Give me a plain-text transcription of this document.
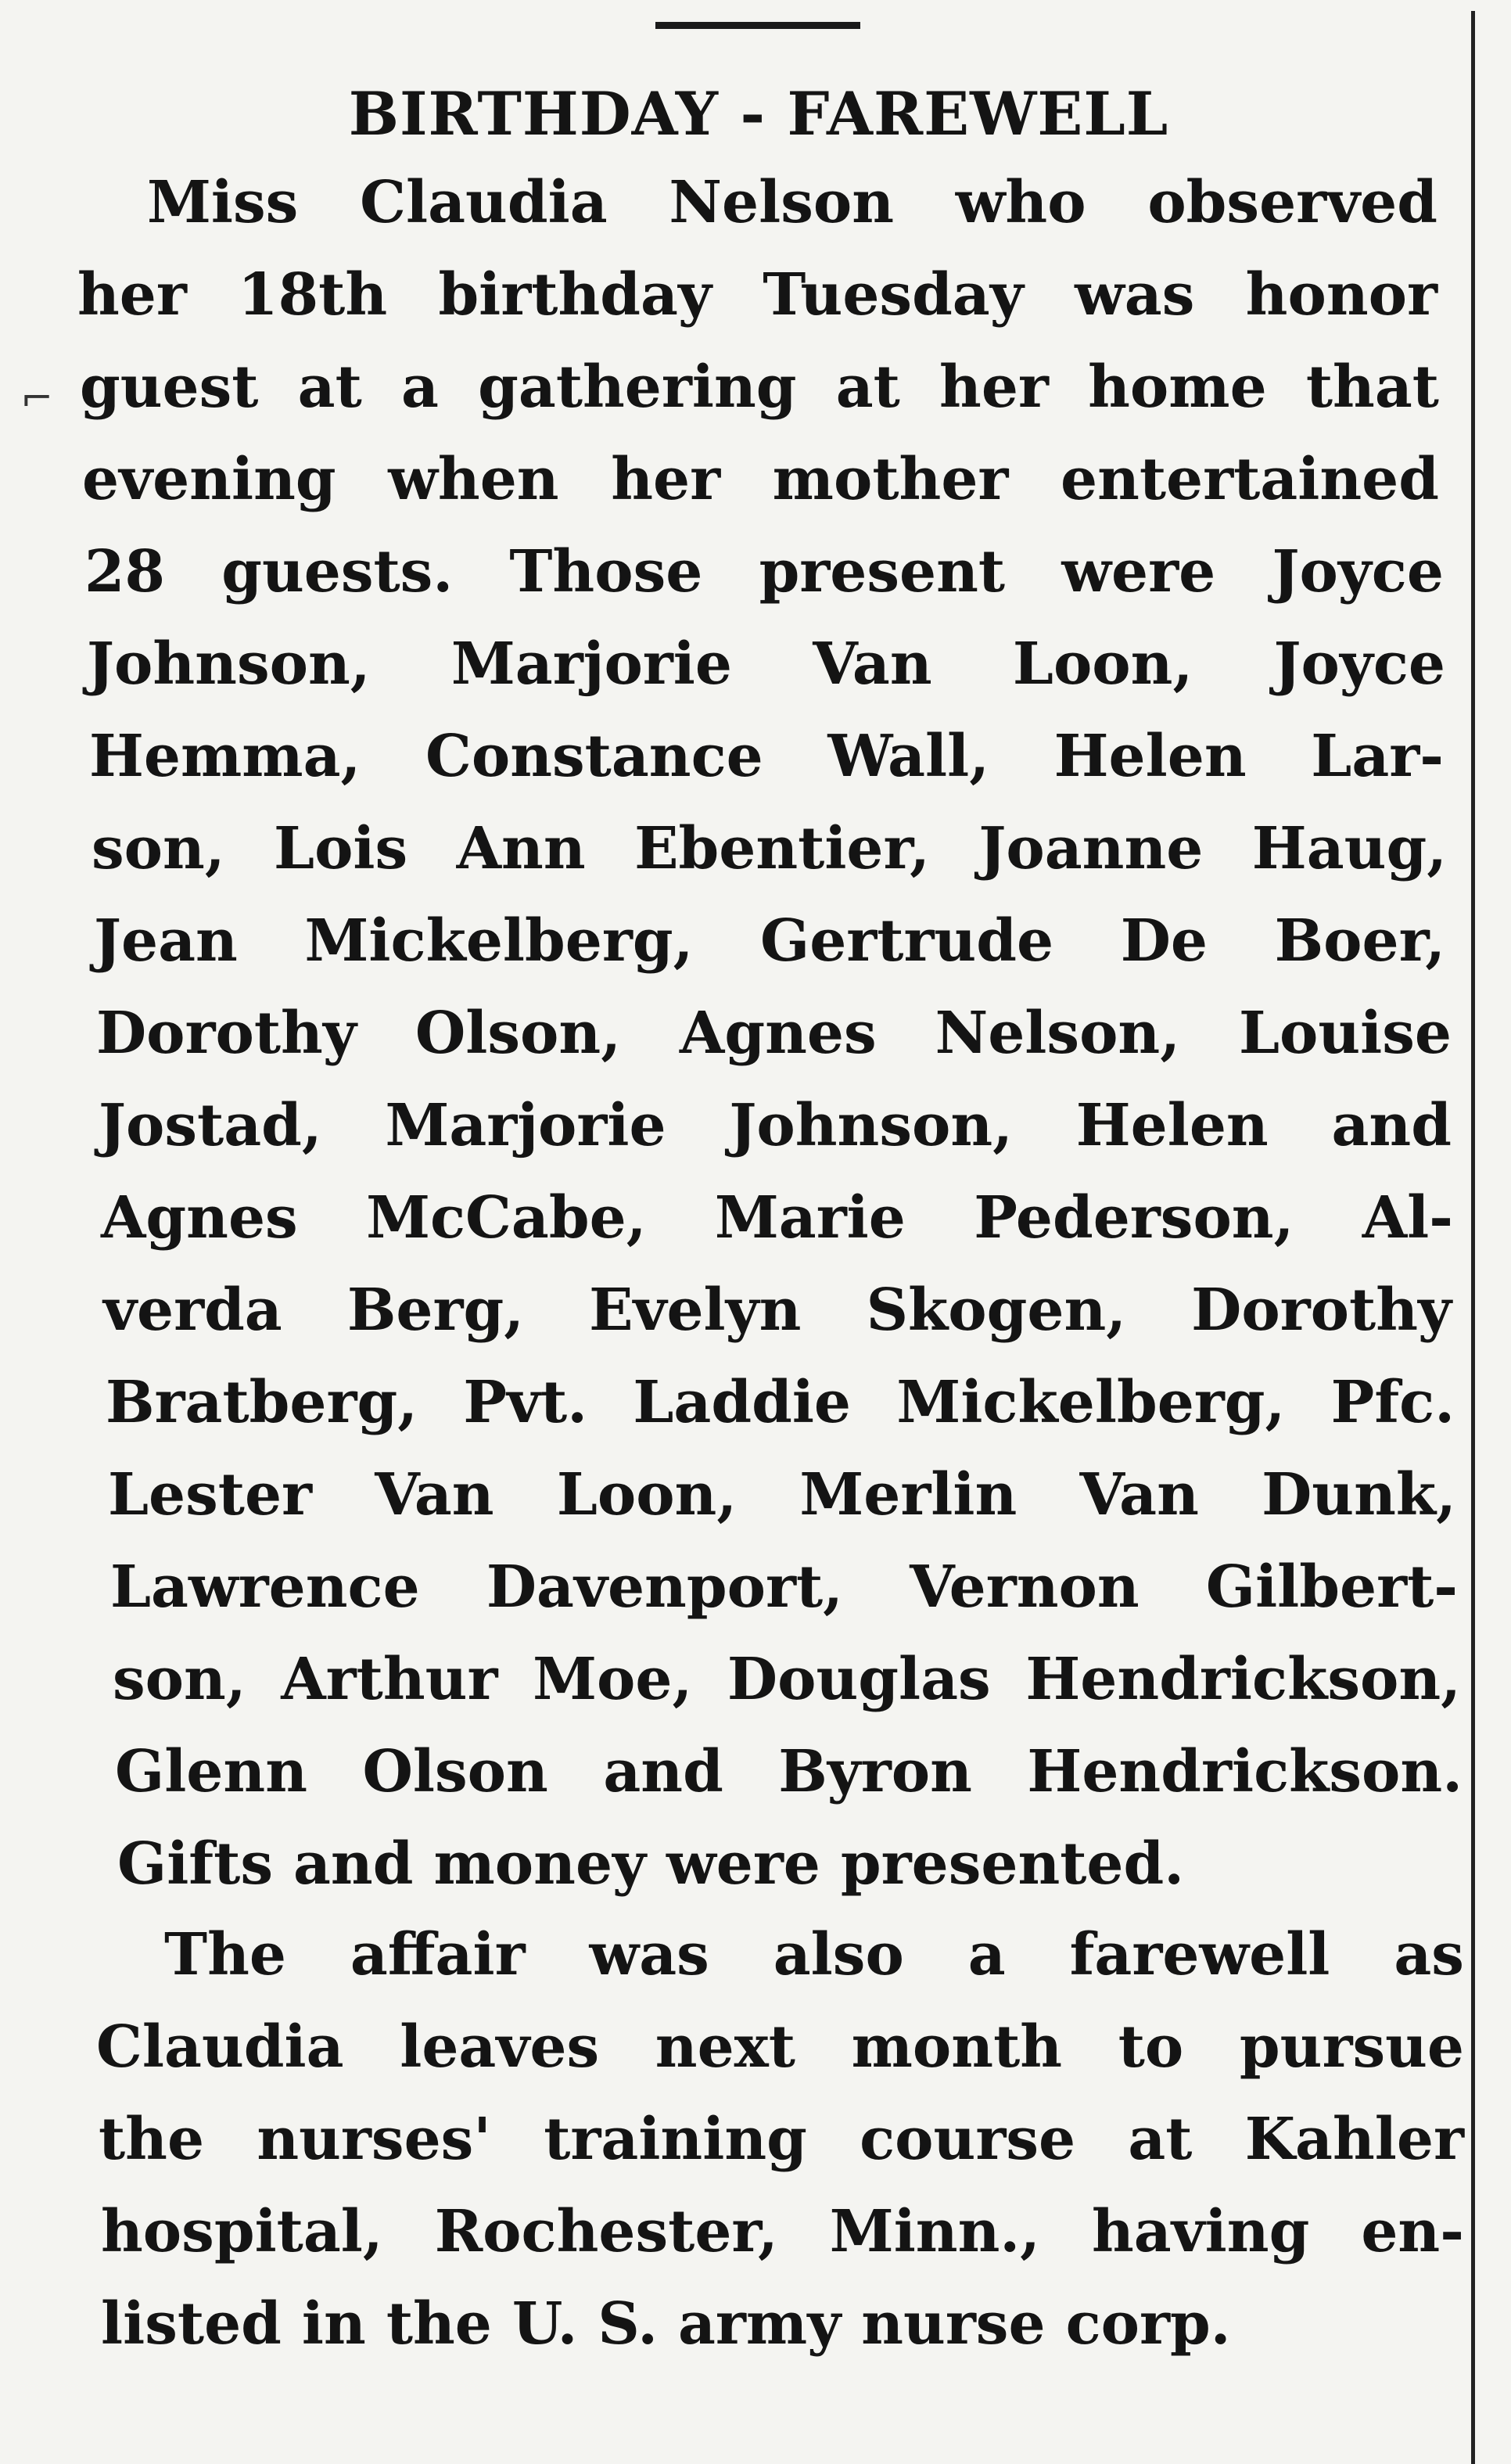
⌐
BIRTHDAY - FAREWELL
Miss Claudia Nelson who observed
her 18th birthday Tuesday was honor
guest at a gathering at her home that
evening when her mother entertained
28 guests. Those present were Joyce
Johnson, Marjorie Van Loon, Joyce
Hemma, Constance Wall, Helen Lar-
son, Lois Ann Ebentier, Joanne Haug,
Jean Mickelberg, Gertrude De Boer,
Dorothy Olson, Agnes Nelson, Louise
Jostad, Marjorie Johnson, Helen and
Agnes McCabe, Marie Pederson, Al-
verda Berg, Evelyn Skogen, Dorothy
Bratberg, Pvt. Laddie Mickelberg, Pfc.
Lester Van Loon, Merlin Van Dunk,
Lawrence Davenport, Vernon Gilbert-
son, Arthur Moe, Douglas Hendrickson,
Glenn Olson and Byron Hendrickson.
Gifts and money were presented.
The affair was also a farewell as
Claudia leaves next month to pursue
the nurses' training course at Kahler
hospital, Rochester, Minn., having en-
listed in the U. S. army nurse corp.
